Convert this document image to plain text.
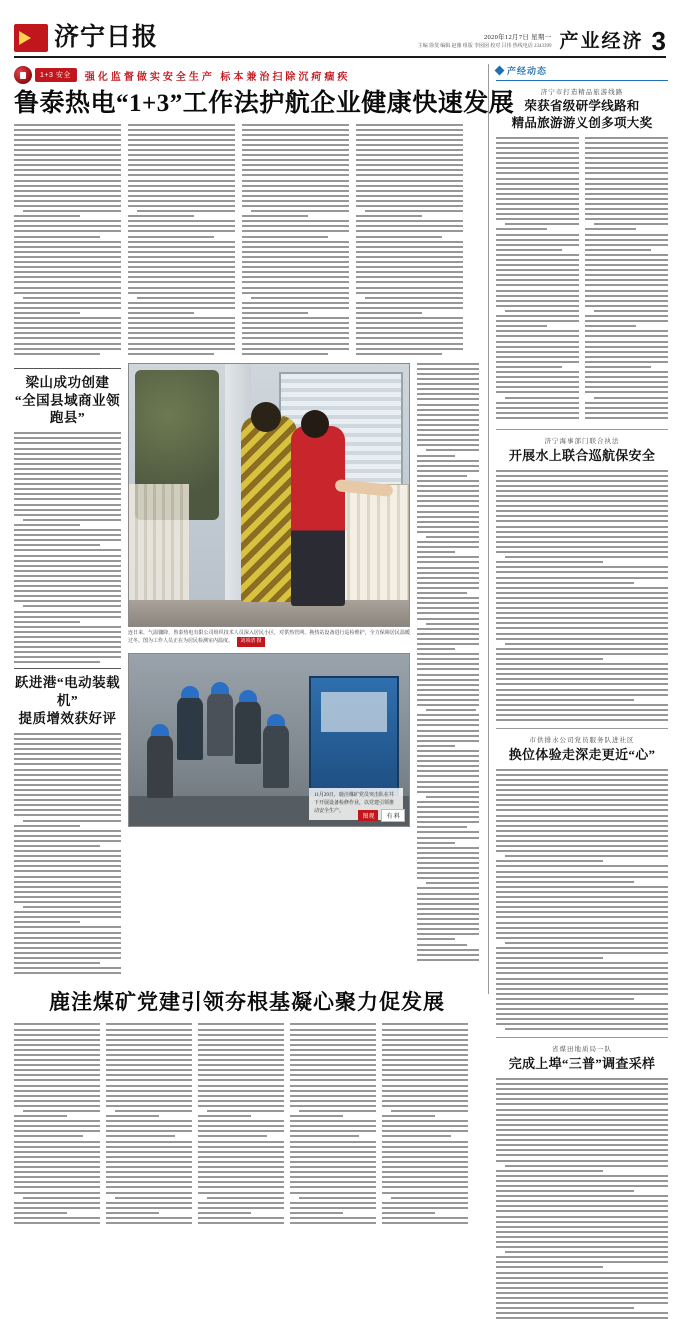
济宁日报	2020年12月7日 星期一
主编 徐斐 编辑 赵豫 组版 李囡囡 校对 吕伟 热线电话 2343399 产业经济 3
1+3 安全	强化监督做实安全生产 标本兼治扫除沉疴痼疾
鲁泰热电“1+3”工作法护航企业健康快速发展
梁山成功创建
“全国县域商业领跑县”
跃进港“电动装载机”
提质增效获好评
连日来，气温骤降，鲁泰热电有限公司组织技术人员深入居民小区，对供热管网、换热站设备进行巡检维护，全力保障居民温暖过冬。图为工作人员正在为居民检测室内温度。 刘项清 摄
11月29日，鹿洼煤矿党员突击队在井下开展设备检修作业，以党建引领推动安全生产。
图观	有 料
鹿洼煤矿党建引领夯根基凝心聚力促发展
产经动态
济宁市打造精品旅游线路
荣获省级研学线路和
精品旅游游义创多项大奖
济宁海事部门联合执法
开展水上联合巡航保安全
市供排水公司党员服务队进社区
换位体验走深走更近“心”
省煤田地质局一队
完成上埠“三普”调查采样
